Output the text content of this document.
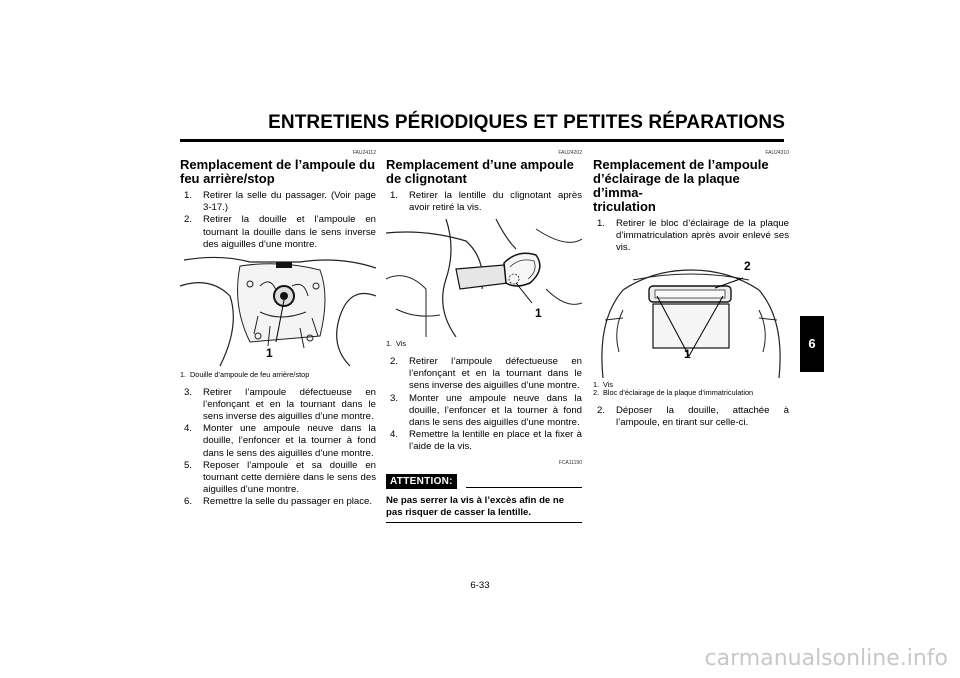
ENTRETIENS PÉRIODIQUES ET PETITES RÉPARATIONS
6
FAU24112
Remplacement de l’ampoule du feu arrière/stop
1. Retirer la selle du passager. (Voir page 3-17.)
2. Retirer la douille et l’ampoule en tournant la douille dans le sens inverse des aiguilles d’une montre.
1. Douille d’ampoule de feu arrière/stop
3. Retirer l’ampoule défectueuse en l’enfonçant et en la tournant dans le sens inverse des aiguilles d’une montre.
4. Monter une ampoule neuve dans la douille, l’enfoncer et la tourner à fond dans le sens des aiguilles d’une montre.
5. Reposer l’ampoule et sa douille en tournant cette dernière dans le sens des aiguilles d’une montre.
6. Remettre la selle du passager en place.
1
FAU24202
Remplacement d’une ampoule de clignotant
1. Retirer la lentille du clignotant après avoir retiré la vis.
1. Vis
2. Retirer l’ampoule défectueuse en l’enfonçant et en la tournant dans le sens inverse des aiguilles d’une montre.
3. Monter une ampoule neuve dans la douille, l’enfoncer et la tourner à fond dans le sens des aiguilles d’une montre.
4. Remettre la lentille en place et la fixer à l’aide de la vis.
FCA11190
ATTENTION:
Ne pas serrer la vis à l’excès afin de ne pas risquer de casser la lentille.
1
FAU24310
Remplacement de l’ampoule
d’éclairage de la plaque d’imma-
triculation
1. Retirer le bloc d’éclairage de la plaque d’immatriculation après avoir enlevé ses vis.
1. Vis
2. Bloc d’éclairage de la plaque d’immatriculation
2. Déposer la douille, attachée à l’ampoule, en tirant sur celle-ci.
1
2
6-33
carmanualsonline.info
